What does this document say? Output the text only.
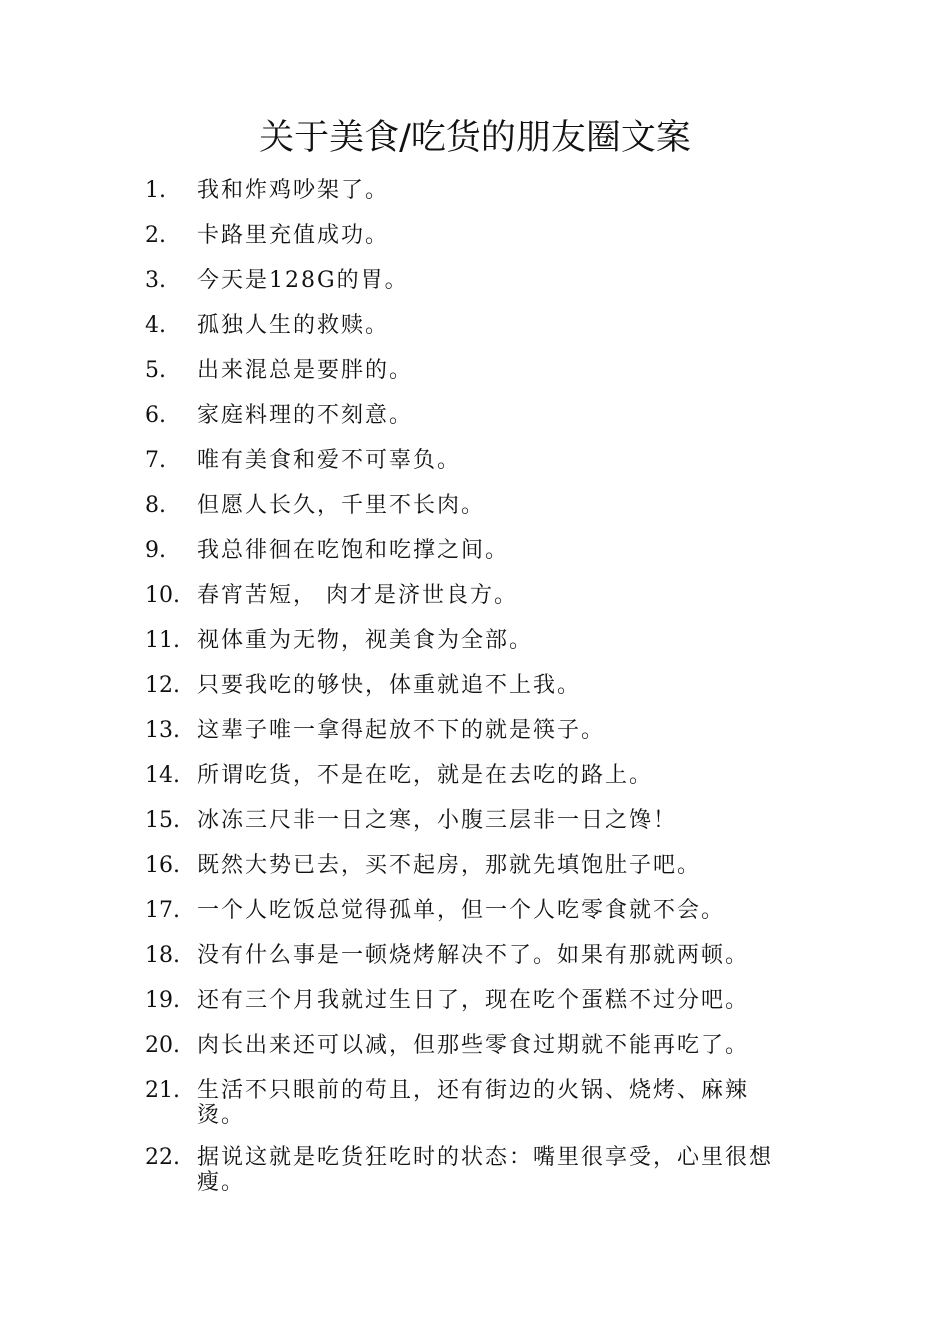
关于美食/吃货的朋友圈文案
1.	我和炸鸡吵架了。
2.	卡路里充值成功。
3.	今天是128G的胃。
4.	孤独人生的救赎。
5.	出来混总是要胖的。
6.	家庭料理的不刻意。
7.	唯有美食和爱不可辜负。
8.	但愿人长久，千里不长肉。
9.	我总徘徊在吃饱和吃撑之间。
10. 春宵苦短， 肉才是济世良方。
11. 视体重为无物，视美食为全部。
12. 只要我吃的够快，体重就追不上我。
13. 这辈子唯一拿得起放不下的就是筷子。
14. 所谓吃货，不是在吃，就是在去吃的路上。
15. 冰冻三尺非一日之寒，小腹三层非一日之馋！
16. 既然大势已去，买不起房，那就先填饱肚子吧。
17. 一个人吃饭总觉得孤单，但一个人吃零食就不会。
18. 没有什么事是一顿烧烤解决不了。如果有那就两顿。
19. 还有三个月我就过生日了，现在吃个蛋糕不过分吧。
20. 肉长出来还可以减，但那些零食过期就不能再吃了。
21. 生活不只眼前的苟且，还有街边的火锅、烧烤、麻辣烫。
22. 据说这就是吃货狂吃时的状态：嘴里很享受，心里很想瘦。
